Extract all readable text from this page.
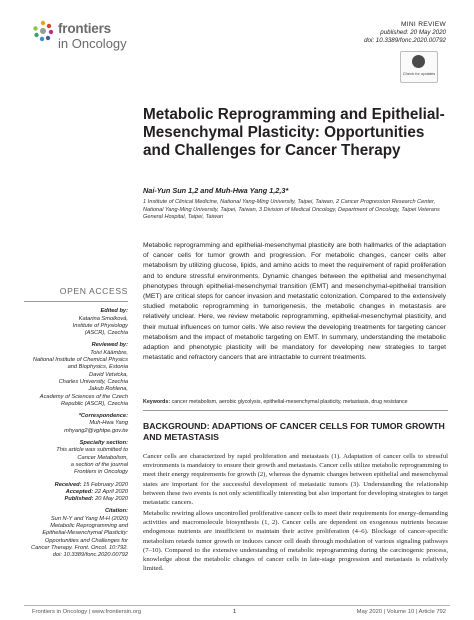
frontiers
in Oncology
MINI REVIEW
published: 20 May 2020
doi: 10.3389/fonc.2020.00792
Check for updates
Metabolic Reprogramming and Epithelial-Mesenchymal Plasticity: Opportunities and Challenges for Cancer Therapy
Nai-Yun Sun 1,2 and Muh-Hwa Yang 1,2,3*
1 Institute of Clinical Medicine, National Yang-Ming University, Taipei, Taiwan, 2 Cancer Progression Research Center, National Yang-Ming University, Taipei, Taiwan, 3 Division of Medical Oncology, Department of Oncology, Taipei Veterans General Hospital, Taipei, Taiwan
Metabolic reprogramming and epithelial-mesenchymal plasticity are both hallmarks of the adaptation of cancer cells for tumor growth and progression. For metabolic changes, cancer cells alter metabolism by utilizing glucose, lipids, and amino acids to meet the requirement of rapid proliferation and to endure stressful environments. Dynamic changes between the epithelial and mesenchymal phenotypes through epithelial-mesenchymal transition (EMT) and mesenchymal-epithelial transition (MET) are critical steps for cancer invasion and metastatic colonization. Compared to the extensively studied metabolic reprogramming in tumorigenesis, the metabolic changes in metastasis are relatively unclear. Here, we review metabolic reprogramming, epithelial-mesenchymal plasticity, and their mutual influences on tumor cells. We also review the developing treatments for targeting cancer metabolism and the impact of metabolic targeting on EMT. In summary, understanding the metabolic adaption and phenotypic plasticity will be mandatory for developing new strategies to target metastatic and refractory cancers that are intractable to current treatments.
Keywords: cancer metabolism, aerobic glycolysis, epithelial-mesenchymal plasticity, metastasis, drug resistance
BACKGROUND: ADAPTIONS OF CANCER CELLS FOR TUMOR GROWTH AND METASTASIS
Cancer cells are characterized by rapid proliferation and metastasis (1). Adaptation of cancer cells to stressful environments is mandatory to ensure their growth and metastasis. Cancer cells utilize metabolic reprogramming to meet their energy requirements for growth (2), whereas the dynamic changes between epithelial and mesenchymal states are important for the successful development of metastatic tumors (3). Understanding the relationship between these two events is not only scientifically interesting but also important for developing strategies to target metastatic cancers.
Metabolic rewiring allows uncontrolled proliferative cancer cells to meet their requirements for energy-demanding activities and macromolecule biosynthesis (1, 2). Cancer cells are dependent on exogenous nutrients because endogenous nutrients are insufficient to maintain their active proliferation (4–6). Blockage of cancer-specific metabolism retards tumor growth or induces cancer cell death through modulation of various signaling pathways (7–10). Compared to the extensive understanding of metabolic reprogramming during the carcinogenic process, knowledge about the metabolic changes of cancer cells in late-stage progression and metastasis is relatively limited.
OPEN ACCESS
Edited by:
Katarina Smolková,
Institute of Physiology
(ASCR), Czechia
Reviewed by:
Toivi Käämbre,
National Institute of Chemical Physics
and Biophysics, Estonia
David Vetvicka,
Charles University, Czechia
Jakub Rohlena,
Academy of Sciences of the Czech
Republic (ASCR), Czechia
*Correspondence:
Muh-Hwa Yang
mhyang2@vghtpe.gov.tw
Specialty section:
This article was submitted to
Cancer Metabolism,
a section of the journal
Frontiers in Oncology
Received: 15 February 2020
Accepted: 22 April 2020
Published: 20 May 2020
Citation:
Sun N-Y and Yang M-H (2020)
Metabolic Reprogramming and
Epithelial-Mesenchymal Plasticity:
Opportunities and Challenges for
Cancer Therapy. Front. Oncol. 10:792.
doi: 10.3389/fonc.2020.00792
Frontiers in Oncology | www.frontiersin.org	1	May 2020 | Volume 10 | Article 792
